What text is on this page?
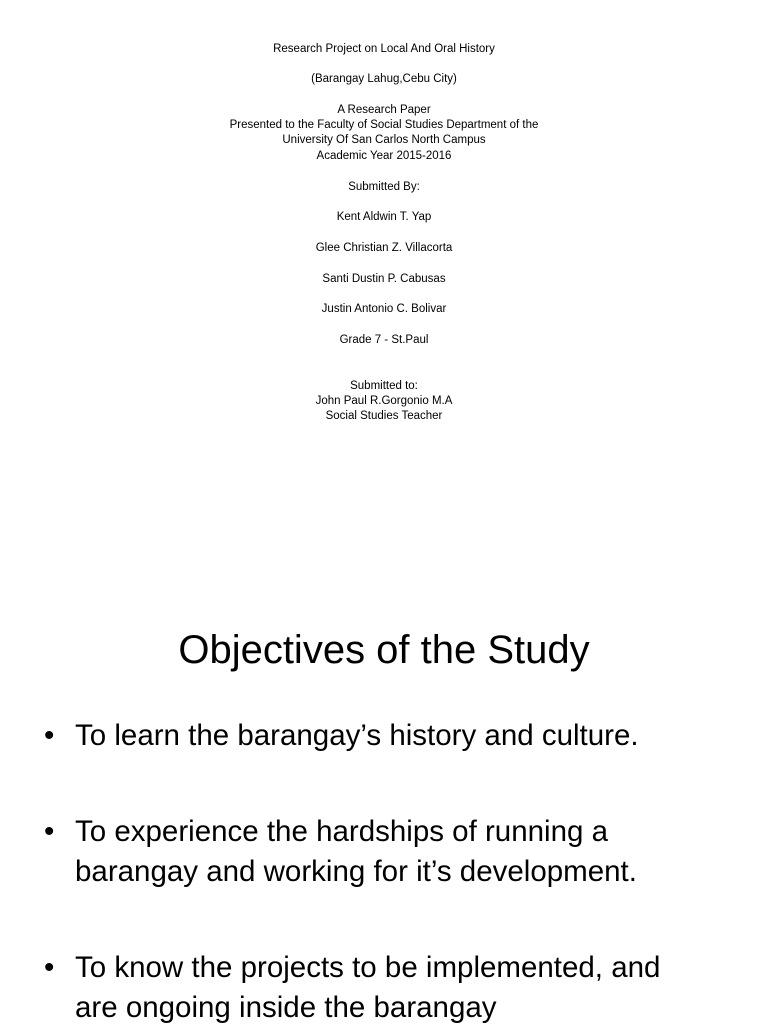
Research Project on Local And Oral History
(Barangay Lahug,Cebu City)
A Research Paper
Presented to the Faculty of Social Studies Department of the
University Of San Carlos North Campus
Academic Year 2015-2016
Submitted By:
Kent Aldwin T. Yap
Glee Christian Z. Villacorta
Santi Dustin P. Cabusas
Justin Antonio C. Bolivar
Grade 7 - St.Paul
Submitted to:
John Paul R.Gorgonio M.A
Social Studies Teacher
Objectives of the Study
• To learn the barangay’s history and culture.
• To experience the hardships of running a
barangay and working for it’s development.
• To know the projects to be implemented, and
are ongoing inside the barangay
